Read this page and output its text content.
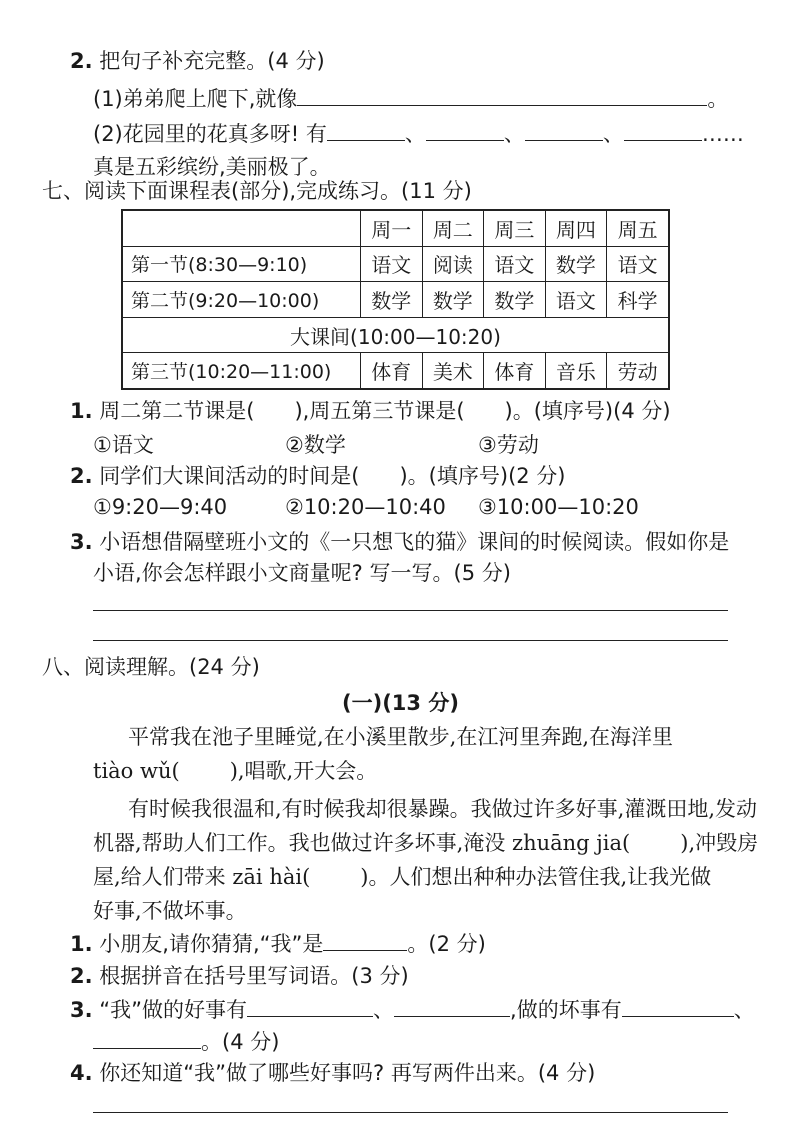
2. 把句子补充完整。(4 分)
(1)弟弟爬上爬下,就像	。
(2)花园里的花真多呀! 有	、	、	、	……
真是五彩缤纷,美丽极了。
七、阅读下面课程表(部分),完成练习。(11 分)
	周一	周二	周三	周四	周五
第一节(8:30—9:10)	语文	阅读	语文	数学	语文
第二节(9:20—10:00)	数学	数学	数学	语文	科学
大课间(10:00—10:20)					
第三节(10:20—11:00)	体育	美术	体育	音乐	劳动
1. 周二第二节课是( ),周五第三节课是( )。(填序号)(4 分)
①语文	②数学	③劳动
2. 同学们大课间活动的时间是( )。(填序号)(2 分)
①9:20—9:40	②10:20—10:40 ③10:00—10:20
3. 小语想借隔壁班小文的《一只想飞的猫》课间的时候阅读。假如你是
小语,你会怎样跟小文商量呢? 写一写。(5 分)
八、阅读理解。(24 分)
(一)(13 分)
平常我在池子里睡觉,在小溪里散步,在江河里奔跑,在海洋里
tiào wǔ( ),唱歌,开大会。
有时候我很温和,有时候我却很暴躁。我做过许多好事,灌溉田地,发动
机器,帮助人们工作。我也做过许多坏事,淹没 zhuāng jia( ),冲毁房
屋,给人们带来 zāi hài( )。人们想出种种办法管住我,让我光做
好事,不做坏事。
1. 小朋友,请你猜猜,“我”是	。(2 分)
2. 根据拼音在括号里写词语。(3 分)
3. “我”做的好事有	、	,做的坏事有	、
。(4 分)
4. 你还知道“我”做了哪些好事吗? 再写两件出来。(4 分)
